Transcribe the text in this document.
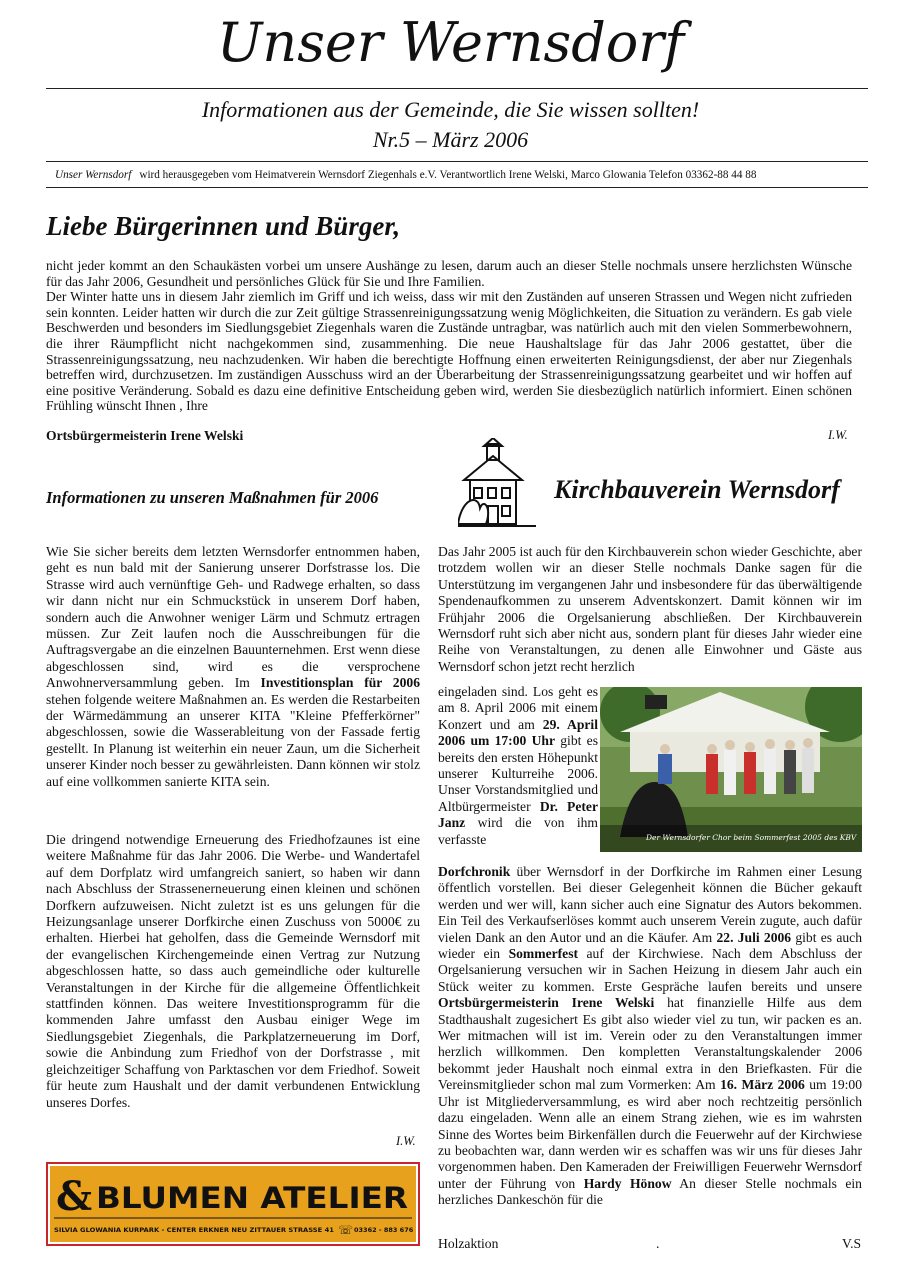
Unser Wernsdorf
Informationen aus der Gemeinde, die Sie wissen sollten!
Nr.5 – März 2006
Unser Wernsdorf wird herausgegeben vom Heimatverein Wernsdorf Ziegenhals e.V. Verantwortlich Irene Welski, Marco Glowania Telefon 03362-88 44 88
Liebe Bürgerinnen und Bürger,

nicht jeder kommt an den Schaukästen vorbei um unsere Aushänge zu lesen, darum auch an dieser Stelle nochmals unsere herzlichsten Wünsche für das Jahr 2006, Gesundheit und persönliches Glück für Sie und Ihre Familien.

Der Winter hatte uns in diesem Jahr ziemlich im Griff und ich weiss, dass wir mit den Zuständen auf unseren Strassen und Wegen nicht zufrieden sein konnten. Leider hatten wir durch die zur Zeit gültige Strassenreinigungssatzung wenig Möglichkeiten, die Situation zu verändern. Es gab viele Beschwerden und besonders im Siedlungsgebiet Ziegenhals waren die Zustände untragbar, was natürlich auch mit den vielen Sommerbewohnern, die ihrer Räumpflicht nicht nachgekommen sind, zusammenhing. Die neue Haushaltslage für das Jahr 2006 gestattet, über die Strassenreinigungssatzung, neu nachzudenken. Wir haben die berechtigte Hoffnung einen erweiterten Reinigungsdienst, der aber nur Ziegenhals betreffen wird, durchzusetzen. Im zuständigen Ausschuss wird an der Überarbeitung der Strassenreinigungssatzung gearbeitet und wir hoffen auf eine positive Veränderung. Sobald es dazu eine definitive Entscheidung geben wird, werden Sie diesbezüglich natürlich informiert. Einen schönen Frühling wünscht Ihnen , Ihre

Ortsbürgermeisterin Irene Welski	I.W.
Informationen zu unseren Maßnahmen für 2006

Wie Sie sicher bereits dem letzten Wernsdorfer entnommen haben, geht es nun bald mit der Sanierung unserer Dorfstrasse los. Die Strasse wird auch vernünftige Geh- und Radwege erhalten, so dass wir dann nicht nur ein Schmuckstück in unserem Dorf haben, sondern auch die Anwohner weniger Lärm und Schmutz ertragen müssen. Zur Zeit laufen noch die Ausschreibungen für die Auftragsvergabe an die einzelnen Bauunternehmen. Erst wenn diese abgeschlossen sind, wird es die versprochene Anwohnerversammlung geben. Im Investitionsplan für 2006 stehen folgende weitere Maßnahmen an. Es werden die Restarbeiten der Wärmedämmung an unserer KITA "Kleine Pfefferkörner" abgeschlossen, sowie die Wasserableitung von der Fassade fertig gestellt. In Planung ist weiterhin ein neuer Zaun, um die Sicherheit unserer Kinder noch besser zu gewährleisten. Dann können wir stolz auf eine vollkommen sanierte KITA sein.

Die dringend notwendige Erneuerung des Friedhofzaunes ist eine weitere Maßnahme für das Jahr 2006. Die Werbe- und Wandertafel auf dem Dorfplatz wird umfangreich saniert, so haben wir dann nach Abschluss der Strassenerneuerung einen kleinen und schönen Dorfkern aufzuweisen. Nicht zuletzt ist es uns gelungen für die Heizungsanlage unserer Dorfkirche einen Zuschuss von 5000€ zu erhalten. Hierbei hat geholfen, dass die Gemeinde Wernsdorf mit der evangelischen Kirchengemeinde einen Vertrag zur Nutzung abgeschlossen hatte, so dass auch gemeindliche oder kulturelle Veranstaltungen in der Kirche für die allgemeine Öffentlichkeit stattfinden können. Das weitere Investitionsprogramm für die kommenden Jahre umfasst den Ausbau einiger Wege im Siedlungsgebiet Ziegenhals, die Parkplatzerneuerung im Dorf, sowie die Anbindung zum Friedhof von der Dorfstrasse , mit gleichzeitiger Schaffung von Parktaschen vor dem Friedhof. Soweit für heute zum Haushalt und der damit verbundenen Entwicklung unseres Dorfes.

I.W.
& BLUMEN ATELIER
SILVIA GLOWANIA KURPARK - CENTER ERKNER NEU ZITTAUER STRASSE 41 ☏ 03362 - 883 676
Kirchbauverein Wernsdorf

Das Jahr 2005 ist auch für den Kirchbauverein schon wieder Geschichte, aber trotzdem wollen wir an dieser Stelle nochmals Danke sagen für die Unterstützung im vergangenen Jahr und insbesondere für das überwältigende Spendenaufkommen zu unserem Adventskonzert. Damit können wir im Frühjahr 2006 die Orgelsanierung abschließen. Der Kirchbauverein Wernsdorf ruht sich aber nicht aus, sondern plant für dieses Jahr wieder eine Reihe von Veranstaltungen, zu denen alle Einwohner und Gäste aus Wernsdorf schon jetzt recht herzlich

eingeladen sind. Los geht es am 8. April 2006 mit einem Konzert und am 29. April 2006 um 17:00 Uhr gibt es bereits den ersten Höhepunkt unserer Kulturreihe 2006. Unser Vorstandsmitglied und Altbürgermeister Dr. Peter Janz wird die von ihm verfasste	Der Wernsdorfer Chor beim Sommerfest 2005 des KBV

Dorfchronik über Wernsdorf in der Dorfkirche im Rahmen einer Lesung öffentlich vorstellen. Bei dieser Gelegenheit können die Bücher gekauft werden und wer will, kann sicher auch eine Signatur des Autors bekommen. Ein Teil des Verkaufserlöses kommt auch unserem Verein zugute, auch dafür vielen Dank an den Autor und an die Käufer. Am 22. Juli 2006 gibt es auch wieder ein Sommerfest auf der Kirchwiese. Nach dem Abschluss der Orgelsanierung versuchen wir in Sachen Heizung in diesem Jahr auch ein Stück weiter zu kommen. Erste Gespräche laufen bereits und unsere Ortsbürgermeisterin Irene Welski hat finanzielle Hilfe aus dem Stadthaushalt zugesichert Es gibt also wieder viel zu tun, wir packen es an. Wer mitmachen will ist im. Verein oder zu den Veranstaltungen immer herzlich willkommen. Den kompletten Veranstaltungskalender 2006 bekommt jeder Haushalt noch einmal extra in den Briefkasten. Für die Vereinsmitglieder schon mal zum Vormerken: Am 16. März 2006 um 19:00 Uhr ist Mitgliederversammlung, es wird aber noch rechtzeitig persönlich dazu eingeladen. Wenn alle an einem Strang ziehen, wie es im wahrsten Sinne des Wortes beim Birkenfällen durch die Feuerwehr auf der Kirchwiese zu beobachten war, dann werden wir es schaffen was wir uns für dieses Jahr vorgenommen haben. Den Kameraden der Freiwilligen Feuerwehr Wernsdorf unter der Führung von Hardy Hönow An dieser Stelle nochmals ein herzliches Dankeschön für die

Holzaktion	.	V.S
